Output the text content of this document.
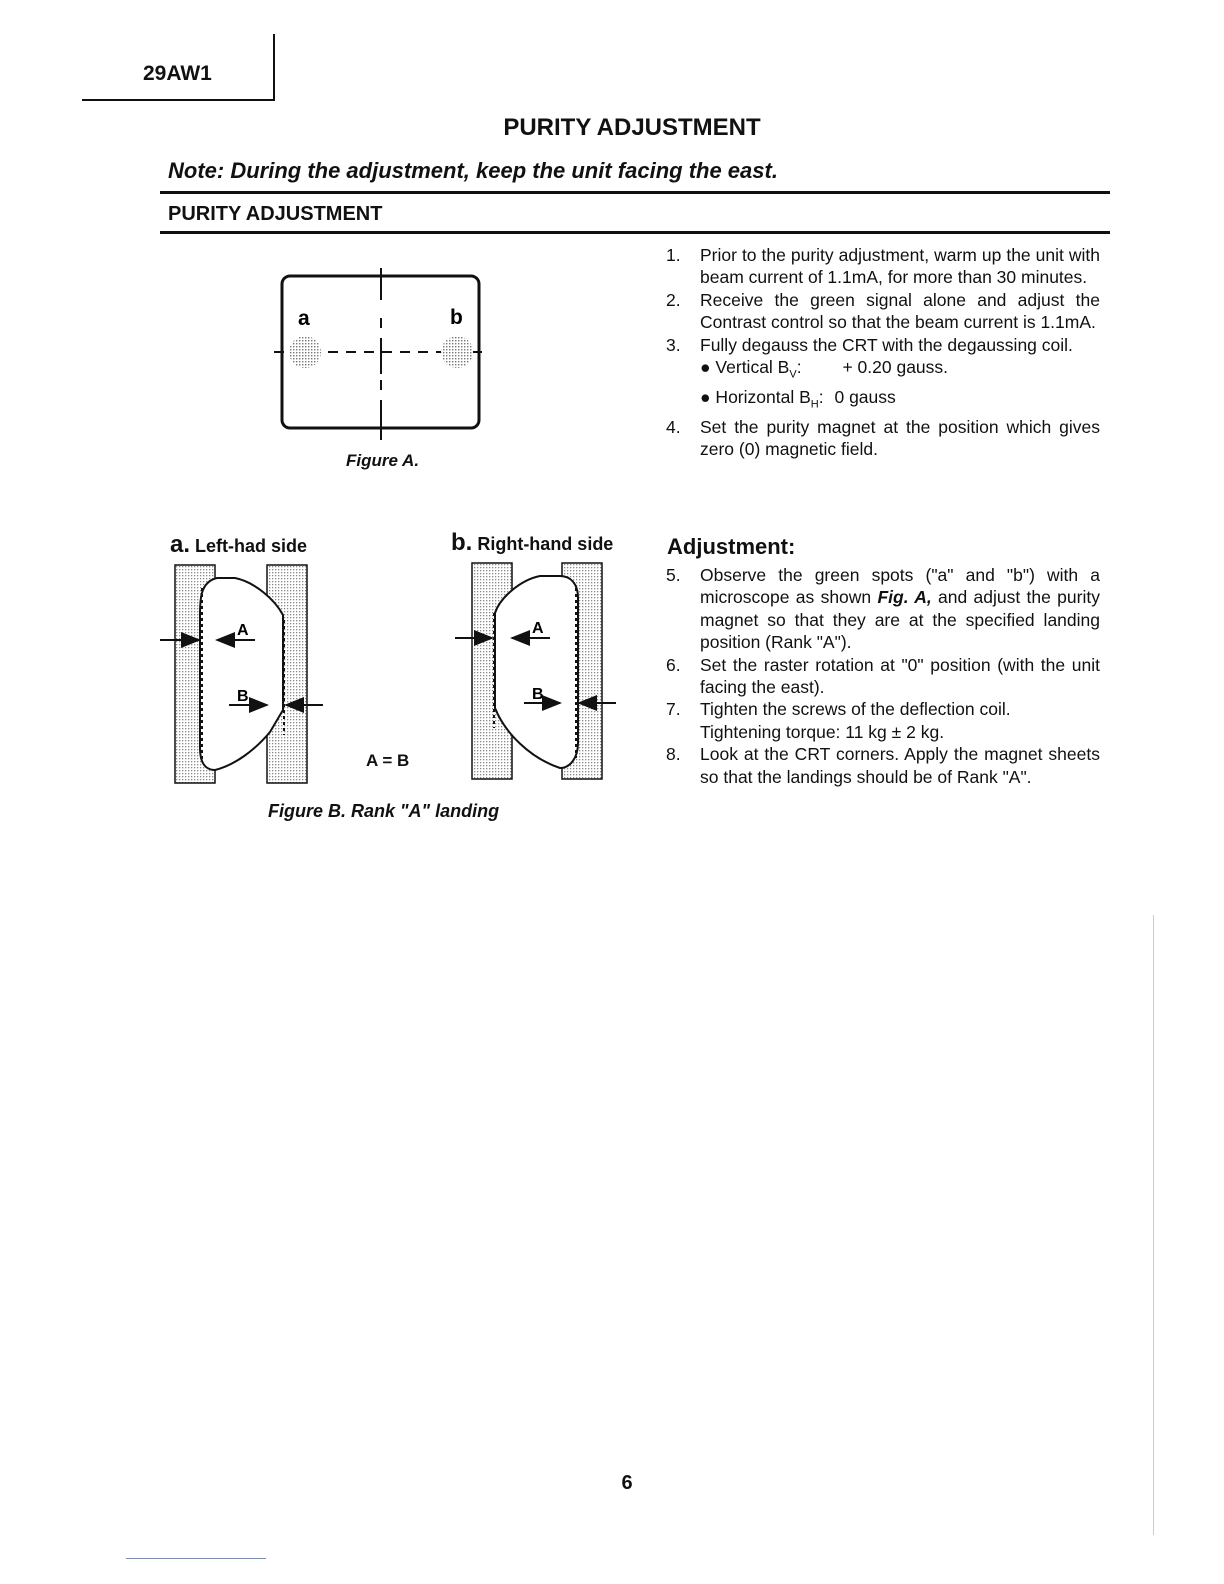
29AW1
PURITY ADJUSTMENT
Note: During the adjustment, keep the unit facing the east.
PURITY ADJUSTMENT
a	b
Figure A.
a. Left-had side	b. Right-hand side
A
B
A = B
A
B
Figure B. Rank "A" landing
1.	Prior to the purity adjustment, warm up the unit with beam current of 1.1mA, for more than 30 minutes.
2.	Receive the green signal alone and adjust the Contrast control so that the beam current is 1.1mA.
3.	Fully degauss the CRT with the degaussing coil.
● Vertical $B_V$: + 0.20 gauss.
● Horizontal $B_H$: 0 gauss
4.	Set the purity magnet at the position which gives zero (0) magnetic field.
Adjustment:
5.	Observe the green spots ("a" and "b") with a microscope as shown Fig. A, and adjust the purity magnet so that they are at the specified landing position (Rank "A").
6.	Set the raster rotation at "0" position (with the unit facing the east).
7.	Tighten the screws of the deflection coil.
Tightening torque: 11 kg ± 2 kg.
8.	Look at the CRT corners. Apply the magnet sheets so that the landings should be of Rank "A".
6
